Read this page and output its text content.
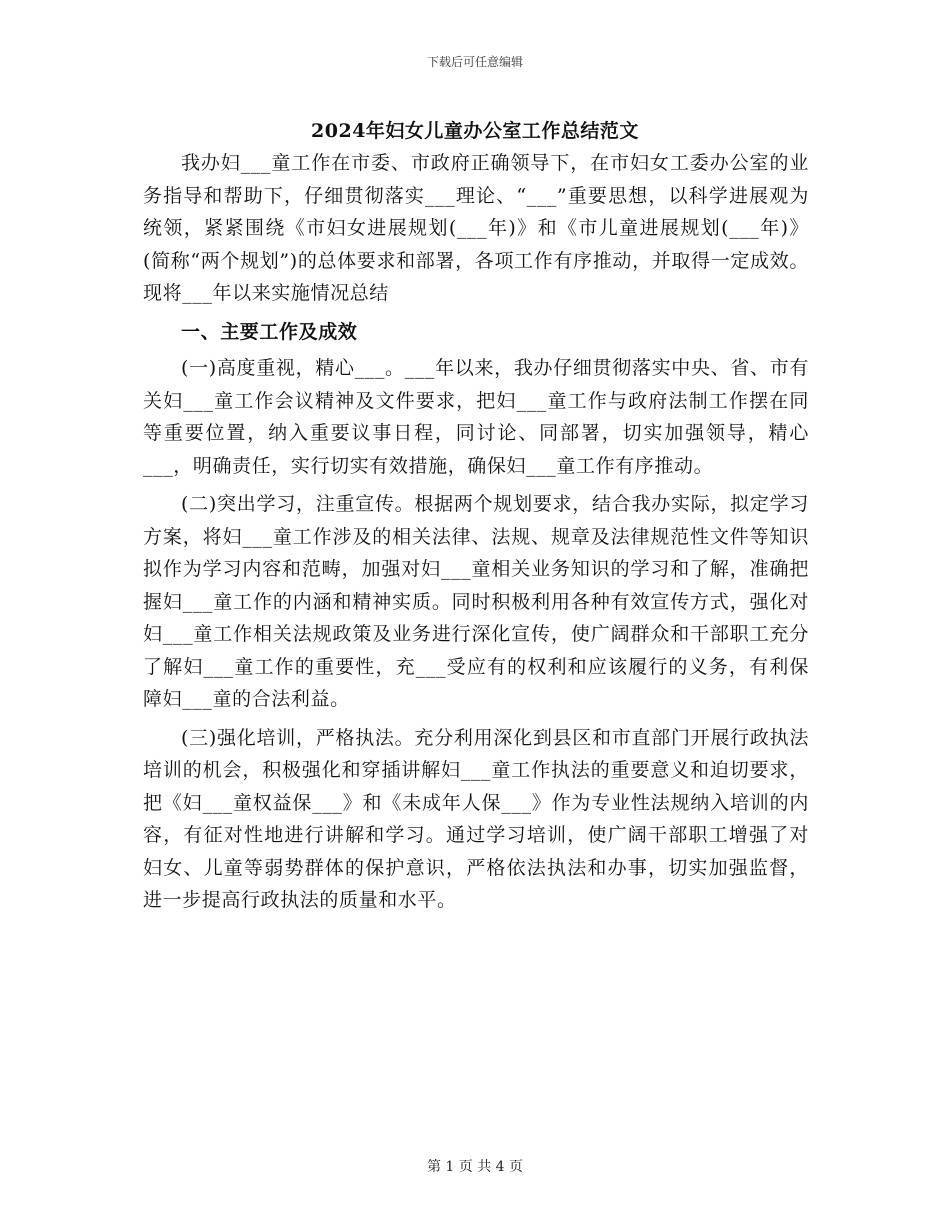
下载后可任意编辑
2024年妇女儿童办公室工作总结范文

我办妇___童工作在市委、市政府正确领导下，在市妇女工委办公室的业务指导和帮助下，仔细贯彻落实___理论、“___”重要思想，以科学进展观为统领，紧紧围绕《市妇女进展规划(___年)》和《市儿童进展规划(___年)》(简称“两个规划”)的总体要求和部署，各项工作有序推动，并取得一定成效。现将___年以来实施情况总结

一、主要工作及成效

(一)高度重视，精心___。___年以来，我办仔细贯彻落实中央、省、市有关妇___童工作会议精神及文件要求，把妇___童工作与政府法制工作摆在同等重要位置，纳入重要议事日程，同讨论、同部署，切实加强领导，精心___，明确责任，实行切实有效措施，确保妇___童工作有序推动。

(二)突出学习，注重宣传。根据两个规划要求，结合我办实际，拟定学习方案，将妇___童工作涉及的相关法律、法规、规章及法律规范性文件等知识拟作为学习内容和范畴，加强对妇___童相关业务知识的学习和了解，准确把握妇___童工作的内涵和精神实质。同时积极利用各种有效宣传方式，强化对妇___童工作相关法规政策及业务进行深化宣传，使广阔群众和干部职工充分了解妇___童工作的重要性，充___受应有的权利和应该履行的义务，有利保障妇___童的合法利益。

(三)强化培训，严格执法。充分利用深化到县区和市直部门开展行政执法培训的机会，积极强化和穿插讲解妇___童工作执法的重要意义和迫切要求，把《妇___童权益保___》和《未成年人保___》作为专业性法规纳入培训的内容，有征对性地进行讲解和学习。通过学习培训，使广阔干部职工增强了对妇女、儿童等弱势群体的保护意识，严格依法执法和办事，切实加强监督，进一步提高行政执法的质量和水平。

第 1 页 共 4 页
